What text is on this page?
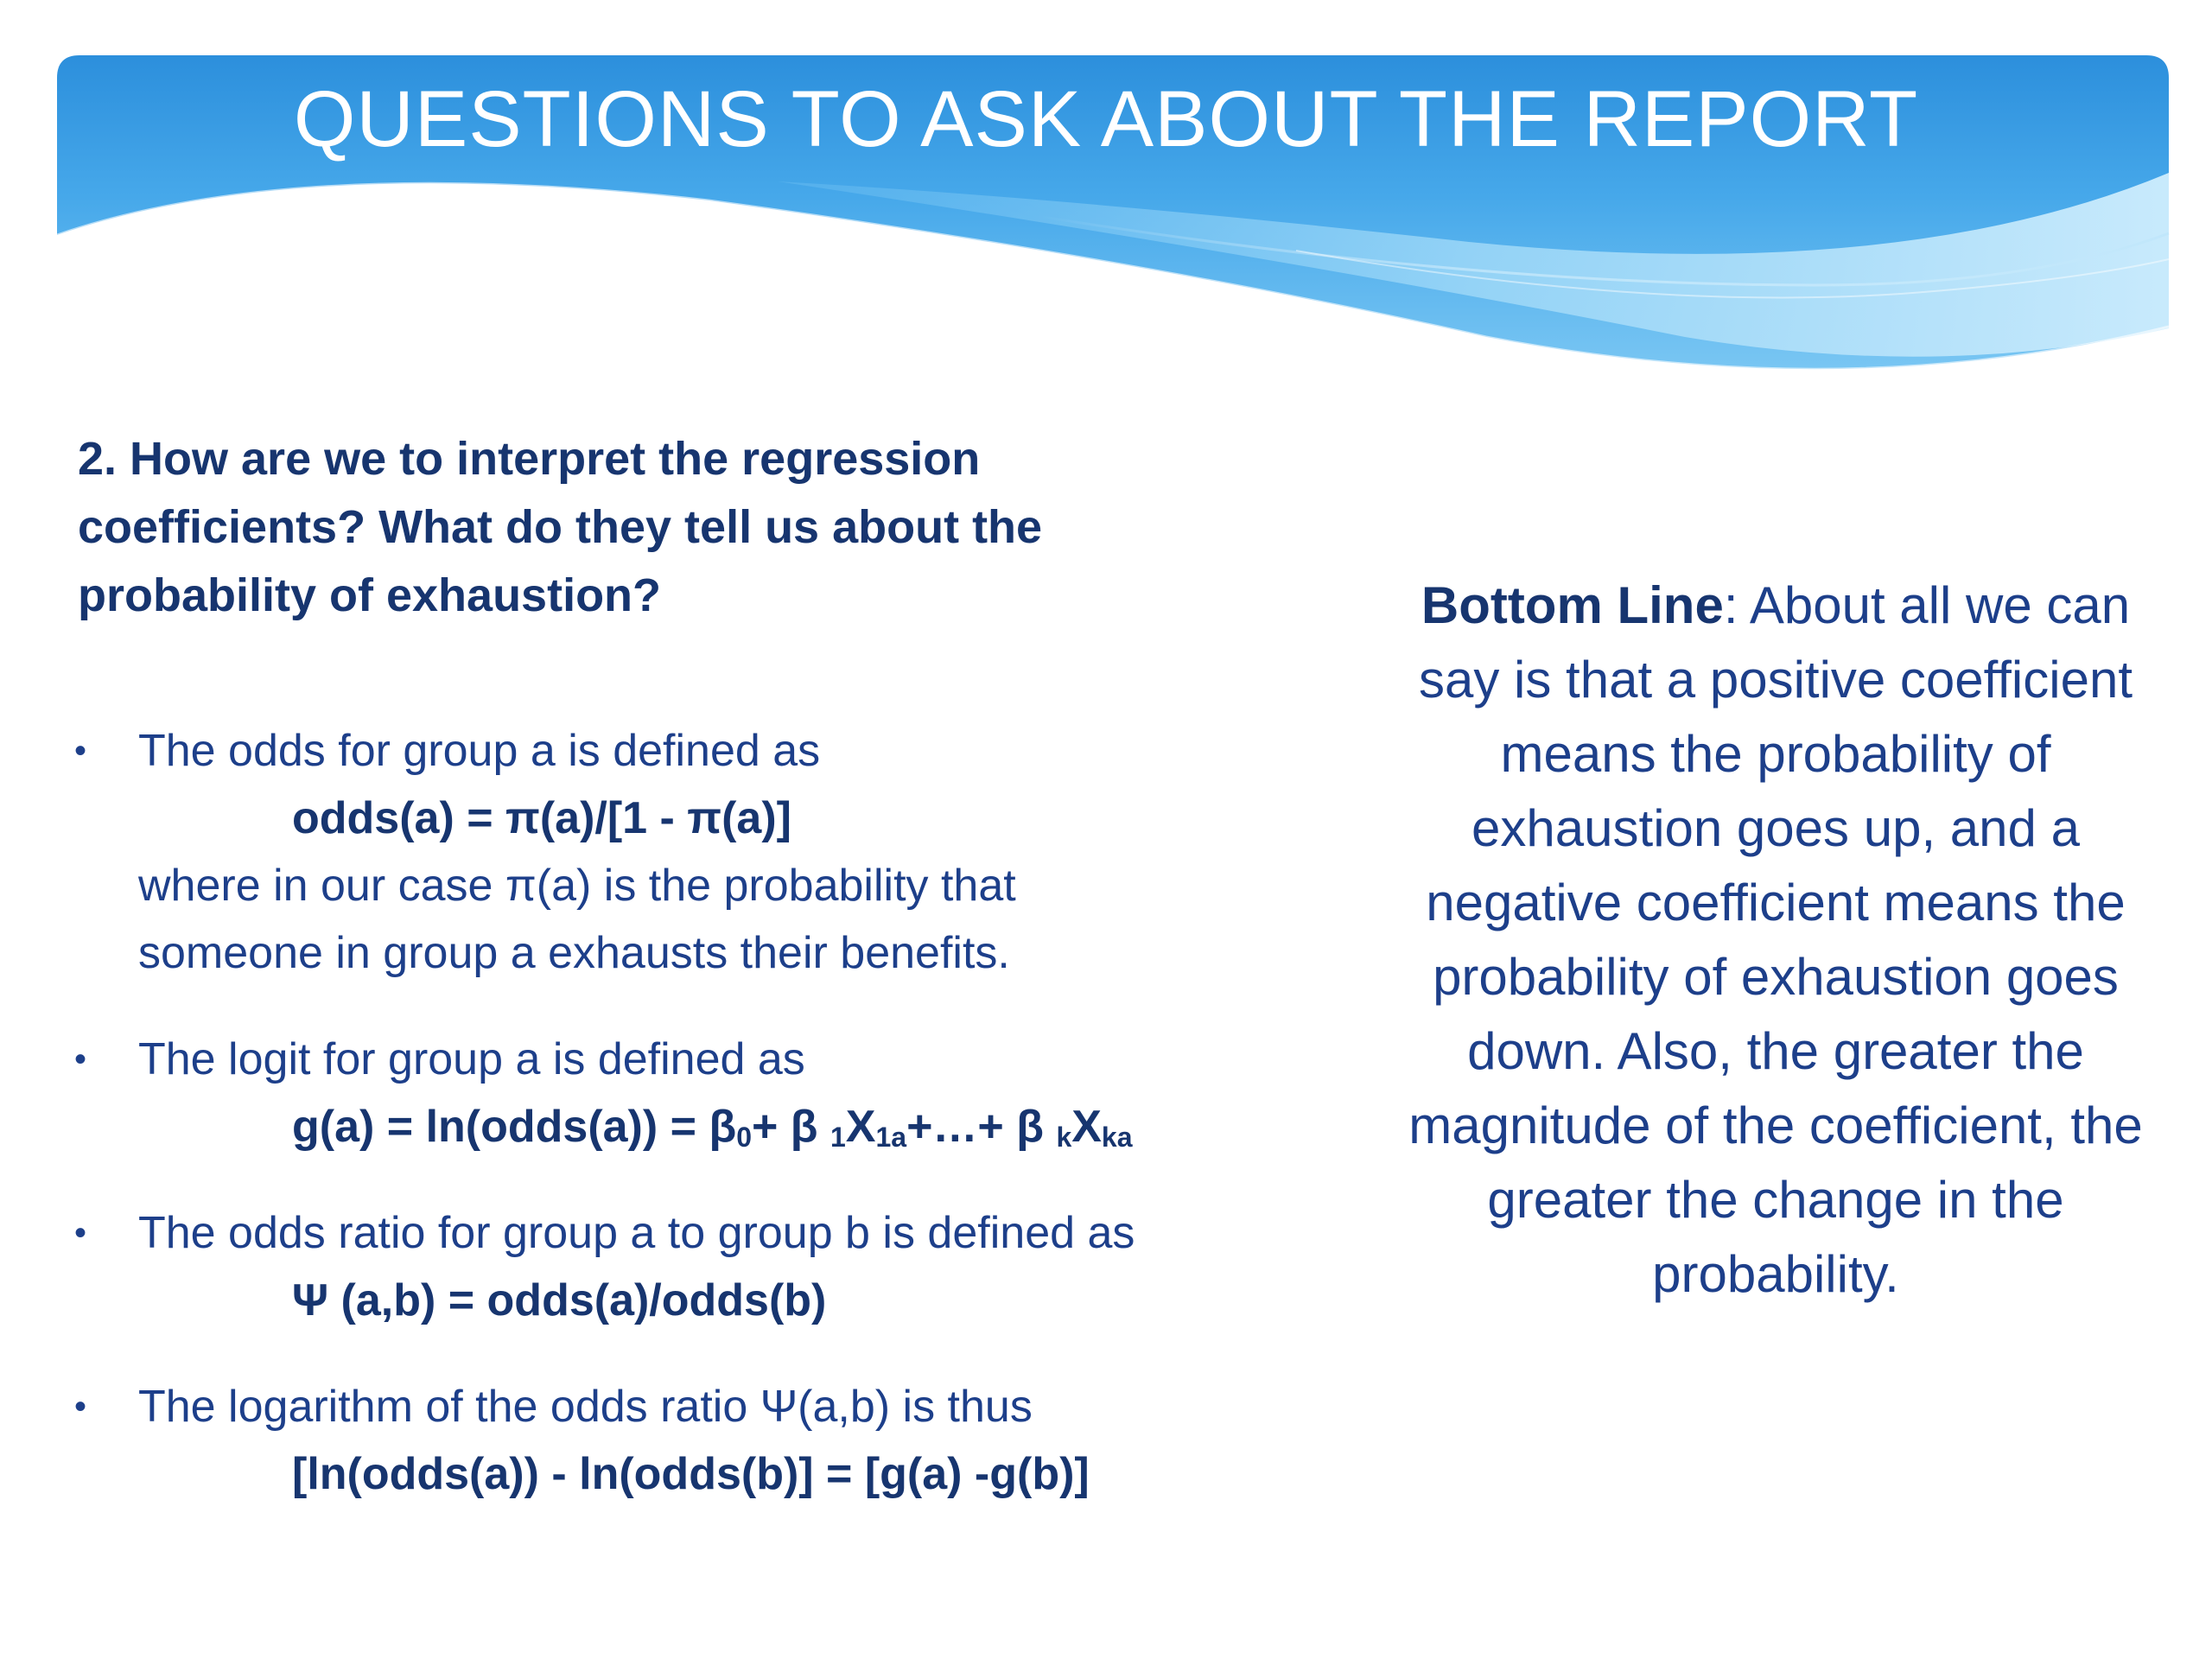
QUESTIONS TO ASK ABOUT THE REPORT
2. How are we to interpret the regression
coefficients? What do they tell us about the
probability of exhaustion?
• The odds for group a is defined as
odds(a) = π(a)/[1 - π(a)]
where in our case π(a) is the probability that
someone in group a exhausts their benefits.
• The logit for group a is defined as
g(a) = ln(odds(a)) = $\beta_0+ \beta$ $_1X_{1a}+\dots+ \beta$ $_kX_{ka}$
• The odds ratio for group a to group b is defined as
Ψ (a,b) = odds(a)/odds(b)
• The logarithm of the odds ratio Ψ(a,b) is thus
[ln(odds(a)) - ln(odds(b)] = [g(a) -g(b)]
Bottom Line: About all we can say is that a positive coefficient means the probability of exhaustion goes up, and a negative coefficient means the probability of exhaustion goes down. Also, the greater the magnitude of the coefficient, the greater the change in the probability.
